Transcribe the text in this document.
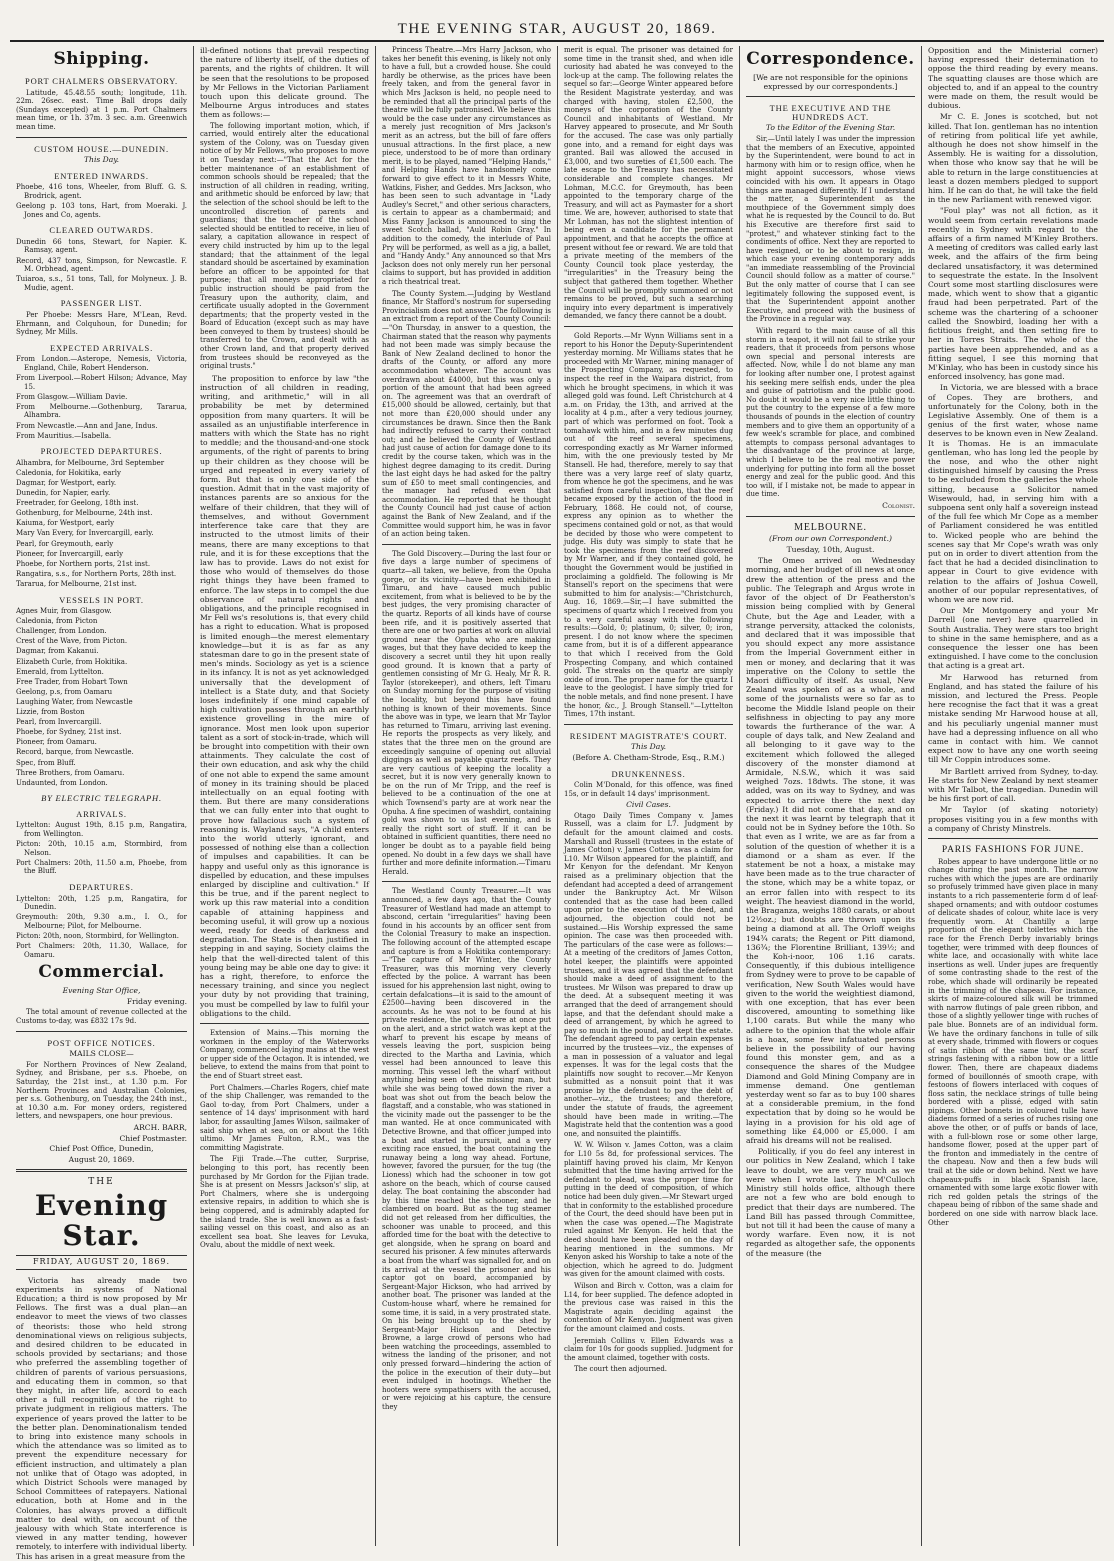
THE EVENING STAR, AUGUST 20, 1869.
Shipping.
PORT CHALMERS OBSERVATORY.

Latitude, 45.48.55 south; longitude, 11h. 22m. 26sec. east. Time Ball drops daily (Sundays excepted) at 1 p.m. Port Chalmers mean time, or 1h. 37m. 3 sec. a.m. Greenwich mean time.

CUSTOM HOUSE.—DUNEDIN.
This Day.
ENTERED INWARDS.

Phoebe, 416 tons, Wheeler, from Bluff. G. S. Brodrick, agent.

Geelong p. 103 tons, Hart, from Moeraki. J. Jones and Co, agents.

CLEARED OUTWARDS.

Dunedin 66 tons, Stewart, for Napier. K. Ramsay, agent.

Record, 437 tons, Simpson, for Newcastle. F. M. Orbhead, agent.

Tuiaroa, s.s., 51 tons, Tall, for Molyneux. J. B. Mudie, agent.

PASSENGER LIST.

Per Phoebe: Messrs Hare, M'Lean, Revd. Ehrmann, and Colquhoun, for Dunedin; for Sydney, Mr Mills.

EXPECTED ARRIVALS.

From London.—Asterope, Nemesis, Victoria, England, Chile, Robert Henderson.

From Liverpool.—Robert Hilson; Advance, May 15.

From Glasgow.—William Davie.

From Melbourne.—Gothenburg, Tararua, Alhambra.

From Newcastle.—Ann and Jane, Indus.

From Mauritius.—Isabella.

PROJECTED DEPARTURES.

Alhambra, for Melbourne, 3rd September

Caledonia, for Hokitika, early

Dagmar, for Westport, early.

Dunedin, for Napier, early.

Freetrader, for Geelong, 18th inst.

Gothenburg, for Melbourne, 24th inst.

Kaiuma, for Westport, early

Mary Van Every, for Invercargill, early.

Pearl, for Greymouth, early

Pioneer, for Invercargill, early

Phoebe, for Northern ports, 21st inst.

Rangatira, s.s., for Northern Ports, 28th inst.

Tararua, for Melbourne, 21st inst.

VESSELS IN PORT.

Agnes Muir, from Glasgow.

Caledonia, from Picton

Challenger, from London.

Crest of the Wave, from Picton.

Dagmar, from Kakanui.

Elizabeth Curle, from Hokitika.

Emerald, from Lyttelton.

Free Trader, from Hobart Town

Geelong, p.s, from Oamaru

Laughing Water, from Newcastle

Lizzie, from Boston

Pearl, from Invercargill.

Phoebe, for Sydney, 21st inst.

Pioneer, from Oamaru.

Record, barque, from Newcastle.

Spec, from Bluff.

Three Brothers, from Oamaru.

Undaunted, from London.

BY ELECTRIC TELEGRAPH.
ARRIVALS.

Lyttelton: August 19th, 8.15 p.m, Rangatira, from Wellington.

Picton: 20th, 10.15 a.m, Stormbird, from Nelson.

Port Chalmers: 20th, 11.50 a.m, Phoebe, from the Bluff.

DEPARTURES.

Lyttelton: 20th, 1.25 p.m, Rangatira, for Dunedin.

Greymouth: 20th, 9.30 a.m., I. O., for Melbourne; Pilot, for Melbourne.

Picton: 20th, noon, Stormbird, for Wellington.

Port Chalmers: 20th, 11.30, Wallace, for Oamaru.

Commercial.
Evening Star Office,
Friday evening.

The total amount of revenue collected at the Customs to-day, was £832 17s 9d.

POST OFFICE NOTICES.
MAILS CLOSE—

For Northern Provinces of New Zealand, Sydney, and Brisbane, per s.s. Phoebe, on Saturday, the 21st inst., at 1.30 p.m. For Northern Provinces and Australian Colonies, per s.s. Gothenburg, on Tuesday, the 24th inst., at 10.30 a.m. For money orders, registered letters, and newspapers, one hour previous.

ARCH. BARR,
Chief Postmaster.
Chief Post Office, Dunedin,
August 20, 1869.
THE
Evening Star.
FRIDAY, AUGUST 20, 1869.

Victoria has already made two experiments in systems of National Education; a third is now proposed by Mr Fellows. The first was a dual plan—an endeavor to meet the views of two classes of theorists: those who held strong denominational views on religious subjects, and desired children to be educated in schools provided by sectarians; and those who preferred the assembling together of children of parents of various persuasions, and educating them in common, so that they might, in after life, accord to each other a full recognition of the right to private judgment in religious matters. The experience of years proved the latter to be the better plan. Denominationalism tended to bring into existence many schools in which the attendance was so limited as to prevent the expenditure necessary for efficient instruction, and ultimately a plan not unlike that of Otago was adopted, in which District Schools were managed by School Committees of ratepayers. National education, both at Home and in the Colonies, has always proved a difficult matter to deal with, on account of the jealousy with which State interference is viewed in any matter tending, however remotely, to interfere with individual liberty. This has arisen in a great measure from the

ill-defined notions that prevail respecting the nature of liberty itself, of the duties of parents, and the rights of children. It will be seen that the resolutions to be proposed by Mr Fellows in the Victorian Parliament touch upon this delicate ground. The Melbourne Argus introduces and states them as follows:—

The following important motion, which, if carried, would entirely alter the educational system of the Colony, was on Tuesday given notice of by Mr Fellows, who proposes to move it on Tuesday next:—"That the Act for the better maintenance of an establishment of common schools should be repealed; that the instruction of all children in reading, writing, and arithmetic should be enforced by law; that the selection of the school should be left to the uncontrolled discretion of parents and guardians; that the teacher of the school selected should be entitled to receive, in lieu of salary, a capitation allowance in respect of every child instructed by him up to the legal standard; that the attainment of the legal standard should be ascertained by examination before an officer to be appointed for that purpose; that all moneys appropriated for public instruction should be paid from the Treasury upon the authority, claim, and certificate usually adopted in the Government departments; that the property vested in the Board of Education (except such as may have been conveyed to them by trustees) should be transferred to the Crown, and dealt with as other Crown land, and that property derived from trustees should be reconveyed as the original trusts."

The proposition to enforce by law "the instruction of all children in reading, writing, and arithmetic," will in all probability be met by determined opposition from many quarters. It will be assailed as an unjustifiable interference in matters with which the State has no right to meddle; and the thousand-and-one stock arguments, of the right of parents to bring up their children as they choose will be urged and repeated in every variety of form. But that is only one side of the question. Admit that in the vast majority of instances parents are so anxious for the welfare of their children, that they will of themselves, and without Government interference take care that they are instructed to the utmost limits of their means, there are many exceptions to that rule, and it is for these exceptions that the law has to provide. Laws do not exist for those who would of themselves do those right things they have been framed to enforce. The law steps in to compel the due observance of natural rights and obligations, and the principle recognised in Mr Fell ws's resolutions is, that every child has a right to education. What is proposed is limited enough—the merest elementary knowledge—but it is as far as any statesman dare to go in the present state of men's minds. Sociology as yet is a science in its infancy. It is not as yet acknowledged universally that the development of intellect is a State duty, and that Society loses indefinitely if one mind capable of high cultivation passes through an earthly existence grovelling in the mire of ignorance. Most men look upon superior talent as a sort of stock-in-trade, which will be brought into competition with their own attainments. They calculate the cost of their own education, and ask why the child of one not able to expend the same amount of money in its training should be placed intellectually on an equal footing with them. But there are many considerations that we can fully enter into that ought to prove how fallacious such a system of reasoning is. Wayland says, "A child enters into the world utterly ignorant, and possessed of nothing else than a collection of impulses and capabilities. It can be happy and useful only as this ignorance is dispelled by education, and these impulses enlarged by discipline and cultivation." If this be true, and if the parent neglect to work up this raw material into a condition capable of attaining happiness and becoming useful, it will grow up a noxious weed, ready for deeds of darkness and degradation. The State is then justified in stepping in and saying, Society claims the help that the well-directed talent of this young being may be able one day to give: it has a right, therefore, to enforce the necessary training, and since you neglect your duty by not providing that training, you must be compelled by law to fulfil your obligations to the child.

Extension of Mains.—This morning the workmen in the employ of the Waterworks Company, commenced laying mains at the west or upper side of the Octagon. It is intended, we believe, to extend the mains from that point to the end of Stuart street east.

Port Chalmers.—Charles Rogers, chief mate of the ship Challenger, was remanded to the Gaol to-day, from Port Chalmers, under a sentence of 14 days' imprisonment with hard labor, for assaulting James Wilson, sailmaker of said ship when at sea, on or about the 16th ultimo. Mr James Fulton, R.M., was the committing Magistrate.

The Fiji Trade.—The cutter, Surprise, belonging to this port, has recently been purchased by Mr Gordon for the Fijian trade. She is at present on Messrs Jackson's' slip, at Port Chalmers, where she is undergoing extensive repairs, in addition to which she is being coppered, and is admirably adapted for the island trade. She is well known as a fast-sailing vessel on this coast, and also as an excellent sea boat. She leaves for Levuka, Ovalu, about the middle of next week.

Princess Theatre.—Mrs Harry Jackson, who takes her benefit this evening, is likely not only to have a full, but a crowded house. She could hardly be otherwise, as the prices have been freely taken, and from the general favor in which Mrs Jackson is held, no people need to be reminded that all the principal parts of the theatre will be fully patronised. We believe this would be the case under any circumstances as a merely just recognition of Mrs Jackson's merit as an actress, but the bill of fare offers unusual attractions. In the first place, a new piece, understood to be of more than ordinary merit, is to be played, named "Helping Hands," and Helping Hands have handsomely come forward to give effect to it in Messrs White, Watkins, Fisher, and Geddes. Mrs Jackson, who has been seen to such advantage in "Lady Audley's Secret," and other serious characters, is certain to appear as a chambermaid; and Miss Fanny Jackson is announced to sing the sweet Scotch ballad, "Auld Robin Gray." In addition to the comedy, the interlude of Paul Pry will be performed, as well as a jig, a ballet, and "Handy Andy." Any announced so that Mrs Jackson does not only merely run her personal claims to support, but has provided in addition a rich theatrical treat.

The County System.—Judging by Westland finance, Mr Stafford's nostrum for superseding Provincialism does not answer. The following is an extract from a report of the County Council:—"On Thursday, in answer to a question, the Chairman stated that the reason why payments had not been made was simply because the Bank of New Zealand declined to honor the drafts of the County, or afford any more accommodation whatever. The account was overdrawn about £4000, but this was only a portion of the amount that had been agreed on. The agreement was that an overdraft of £15,000 should be allowed, certainly, but that not more than £20,000 should under any circumstances be drawn. Since then the Bank had indirectly refused to carry their contract out; and he believed the County of Westland had just cause of action for damage done to its credit by the course taken, which was in the highest degree damaging to its credit. During the last eight days he had asked for the paltry sum of £50 to meet small contingencies, and the manager had refused even that accommodation. He reported that he thought the County Council had just cause of action against the Bank of New Zealand, and if the Committee would support him, he was in favor of an action being taken.

The Gold Discovery.—During the last four or five days a large number of specimens of quartz—all taken, we believe, from the Opuha gorge, or its vicinity—have been exhibited in Timaru, and have caused much public excitement, from what is believed to be by the best judges, the very promising character of the quartz. Reports of all kinds have of course been rife, and it is positively asserted that there are one or two parties at work on alluvial ground near the Opuha who are making wages, but that they have decided to keep the discovery a secret until they hit upon really good ground. It is known that a party of gentlemen consisting of Mr G. Healy, Mr R. R. Taylor (storekeeper), and others, left Timaru on Sunday morning for the purpose of visiting the locality, but beyond this have found nothing is known of their movements. Since the above was in type, we learn that Mr Taylor has returned to Timaru, arriving last evening. He reports the prospects as very likely, and states that the three men on the ground are exceedingly sanguine of opening out alluvial diggings as well as payable quartz reefs. They are very cautious of keeping the locality a secret, but it is now very generally known to be on the run of Mr Tripp, and the reef is believed to be a continuation of the one at which Townsend's party are at work near the Opuha. A fine specimen of washdirt, containing gold was shown to us last evening, and is really the right sort of stuff. If it can be obtained in sufficient quantities, there need no longer be doubt as to a payable field being opened. No doubt in a few days we shall have further and more definite information.—Timaru Herald.

The Westland County Treasurer.—It was announced, a few days ago, that the County Treasurer of Westland had made an attempt to abscond, certain "irregularities" having been found in his accounts by an officer sent from the Colonial Treasury to make an inspection. The following account of the attempted escape and capture is from a Hokitika contemporary:—"The capture of Mr Winter, the County Treasurer, was this morning very cleverly effected by the police. A warrant has been issued for his apprehension last night, owing to certain defalcations—it is said to the amount of £2500—having been discovered in the accounts. As he was not to be found at his private residence, the police were at once put on the alert, and a strict watch was kept at the wharf to prevent his escape by means of vessels leaving the port, suspicion being directed to the Martha and Lavinia, which vessel had been announced to leave this morning. This vessel left the wharf without anything being seen of the missing man, but while she was being towed down the river a boat was shot out from the beach below the flagstaff, and a constable, who was stationed in the vicinity made out the passenger to be the man wanted. He at once communicated with Detective Browne, and that officer jumped into a boat and started in pursuit, and a very exciting race ensued, the boat containing the runaway being a long way ahead. Fortune, however, favored the pursuer, for the tug (the Lioness) which had the schooner in tow got ashore on the beach, which of course caused delay. The boat containing the absconder had by this time reached the schooner, and he clambered on board. But as the tug steamer did not get released from her difficulties, the schooner was unable to proceed, and this afforded time for the boat with the detective to get alongside, when he sprang on board and secured his prisoner. A few minutes afterwards a boat from the wharf was signalled for, and on its arrival at the vessel the prisoner and his captor got on board, accompanied by Sergeant-Major Hickson, who had arrived by another boat. The prisoner was landed at the Custom-house wharf, where he remained for some time, it is said, in a very prostrated state. On his being brought up to the shed by Sergeant-Major Hickson and Detective Browne, a large crowd of persons who had been watching the proceedings, assembled to witness the landing of the prisoner, and not only pressed forward—hindering the action of the police in the execution of their duty—but even indulged in hootings. Whether the hooters were sympathisers with the accused, or were rejoicing at his capture, the censure they

merit is equal. The prisoner was detained for some time in the transit shed, and when idle curiosity had abated he was conveyed to the lock-up at the camp. The following relates the sequel so far:—George Winter appeared before the Resident Magistrate yesterday, and was charged with having, stolen £2,500, the moneys of the corporation of the County Council and inhabitants of Westland. Mr Harvey appeared to prosecute, and Mr South for the accused. The case was only partially gone into, and a remand for eight days was granted. Bail was allowed the accused in £3,000, and two sureties of £1,500 each. The late escape to the Treasury has necessitated considerable and complete changes. Mr Lohman, M.C.C. for Greymouth, has been appointed to the temporary charge of the Treasury, and will act as Paymaster for a short time. We are, however, authorised to state that Mr Lohman, has not the slightest intention of being even a candidate for the permanent appointment, and that he accepts the office at present without fee or reward. We are told that a private meeting of the members of the County Council took place yesterday, the "irregularities" in the Treasury being the subject that gathered them together. Whether the Council will be promptly summoned or not remains to be proved, but such a searching inquiry into every department is imperatively demanded, we fancy there cannot be a doubt.

Gold Reports.—Mr Wynn Williams sent in a report to his Honor the Deputy-Superintendent yesterday morning. Mr Williams states that he proceeded with Mr Warner, mining manager of the Prospecting Company, as requested, to inspect the reef in the Waipara district, from which he brought specimens, in which it was alleged gold was found. Left Christchurch at 4 a.m. on Friday, the 13th, and arrived at the locality at 4 p.m., after a very tedious journey, part of which was performed on foot. Took a tomahawk with him, and in a few minutes dug out of the reef several specimens, corresponding exactly as Mr Warner informed him, with the one previously tested by Mr Stansell. He had, therefore, merely to say that there was a very large reef of slaty quartz, from whence he got the specimens, and he was satisfied from careful inspection, that the reef became exposed by the action of the flood in February, 1868. He could not, of course, express any opinion as to whether the specimens contained gold or not, as that would be decided by those who were competent to judge. His duty was simply to state that he took the specimens from the reef discovered by Mr Warner, and if they contained gold, he thought the Government would be justified in proclaiming a goldfield. The following is Mr Stansell's report on the specimens that were submitted to him for analysis:—"Christchurch, Aug. 16, 1869.—Sir,—I have submitted the specimens of quartz which I received from you to a very careful assay with the following results:—Gold, 0; platinum, 0; silver, 0; iron, present. I do not know where the specimen came from, but it is of a different appearance to that which I received from the Gold Prospecting Company, and which contained gold. The streaks on the quartz are simply oxide of iron. The proper name for the quartz I leave to the geologist. I have simply tried for the noble metals, and find none present. I have the honor, &c., J. Brough Stansell."—Lyttelton Times, 17th instant.

RESIDENT MAGISTRATE'S COURT.
This Day.
(Before A. Chetham-Strode, Esq., R.M.)
DRUNKENNESS.

Colin M'Donald, for this offence, was fined 15s, or in default 14 days' imprisonment.

Civil Cases.

Otago Daily Times Company v. James Russell, was a claim for L7. Judgment by default for the amount claimed and costs. Marshall and Russell (trustees in the estate of James Cotton) v. James Cotton, was a claim for L10. Mr Wilson appeared for the plaintiff, and Mr Kenyon for the defendant. Mr Kenyon raised as a preliminary objection that the defendant had accepted a deed of arrangement under the Bankruptcy Act. Mr Wilson contended that as the case had been called upon prior to the execution of the deed, and adjourned, the objection could not be sustained.—His Worship expressed the same opinion. The case was then proceeded with. The particulars of the case were as follows:—At a meeting of the creditors of James Cotton, hotel keeper, the plaintiffs were appointed trustees, and it was agreed that the defendant should make a deed of assignment to the trustees. Mr Wilson was prepared to draw up the deed. At a subsequent meeting it was arranged that the deed of arrangement should lapse, and that the defendant should make a deed of arrangement, by which he agreed to pay so much in the pound, and kept the estate. The defendant agreed to pay certain expenses incurred by the trustees—viz., the expenses of a man in possession of a valuator and legal expenses. It was for the legal costs that the plaintiffs now sought to recover.—Mr Kenyon submitted as a nonsuit point that it was promise by the defendant to pay the debt of another—viz., the trustees; and therefore, under the statute of frauds, the agreement should have been made in writing.—The Magistrate held that the contention was a good one, and nonsuited the plaintiffs.

W. W. Wilson v. James Cotton, was a claim for L10 5s 8d, for professional services. The plaintiff having proved his claim, Mr Kenyon submitted that the time having arrived for the defendant to plead, was the proper time for putting in the deed of composition, of which notice had been duly given.—Mr Stewart urged that in conformity to the established procedure of the Court, the deed should have been put in when the case was opened.—The Magistrate ruled against Mr Kenyon. He held that the deed should have been pleaded on the day of hearing mentioned in the summons. Mr Kenyon asked his Worship to take a note of the objection, which he agreed to do. Judgment was given for the amount claimed with costs.

Wilson and Birch v. Cotton, was a claim for L14, for beer supplied. The defence adopted in the previous case was raised in this the Magistrate again deciding against the contention of Mr Kenyon. Judgment was given for the amount claimed and costs.

Jeremiah Collins v. Ellen Edwards was a claim for 10s for goods supplied. Judgment for the amount claimed, together with costs.

The court then adjourned.

Correspondence.
[We are not responsible for the opinions expressed by our correspondents.]
THE EXECUTIVE AND THE HUNDREDS ACT.
To the Editor of the Evening Star.

Sir,—Until lately I was under the impression that the members of an Executive, appointed by the Superintendent, were bound to act in harmony with him or to resign office, when he might appoint successors, whose views coincided with his own. It appears in Otago things are managed differently. If I understand the matter, a Superintendent as the mouthpiece of the Government simply does what he is requested by the Council to do. But his Executive are therefore first said to "protest," and whatever stinking fact to the condiments of office. Next they are reported to have resigned, or to be about to resign, in which case your evening contemporary adds "an immediate reassembling of the Provincial Council should follow as a matter of course." But the only matter of course that I can see legitimately following the supposed event, is that the Superintendent appoint another Executive, and proceed with the business of the Province in a regular way.

With regard to the main cause of all this storm in a teapot, it will not fail to strike your readers, that it proceeds from persons whose own special and personal interests are affected. Now, while I do not blame any man for looking after number one, I protest against his seeking mere selfish ends, under the plea and guise of patriotism and the public good. No doubt it would be a very nice little thing to put the country to the expense of a few more thousands of pounds in the election of country members and to give them an opportunity of a few week's scramble for place, and combined attempts to compass personal advantages to the disadvantage of the province at large, which I believe to be the real motive power underlying for putting into form all the bosset energy and zeal for the public good. And this too will, if I mistake not, be made to appear in due time.

Colonist.
MELBOURNE.
(From our own Correspondent.)
Tuesday, 10th, August.

The Omeo arrived on Wednesday morning, and her budget of ill news at once drew the attention of the press and the public. The Telegraph and Argus wrote in favor of the object of Dr Featherston's mission being complied with by General Chute, but the Age and Leader, with a strange perversity, attacked the colonists, and declared that it was impossible that you should expect any more assistance from the Imperial Government either in men or money, and declaring that it was imperative on the Colony to settle the Maori difficulty of itself. As usual, New Zealand was spoken of as a whole, and some of the journalists were so far as to become the Middle Island people on their selfishness in objecting to pay any more towards the furtherance of the war. A couple of days talk, and New Zealand and all belonging to it gave way to the excitement which followed the alleged discovery of the monster diamond at Armidale, N.S.W., which it was said weighed 7ozs. 18dwts. The stone, it was added, was on its way to Sydney, and was expected to arrive there the next day (Friday.) It did not come that day, and on the next it was learnt by telegraph that it could not be in Sydney before the 10th. So that even as I write, we are as far from a solution of the question of whether it is a diamond or a sham as ever. If the statement be not a hoax, a mistake may have been made as to the true character of the stone, which may be a white topaz, or an error fallen into with respect to its weight. The heaviest diamond in the world, the Braganza, weighs 1880 carats, or about 12½oz.; but doubts are thrown upon its being a diamond at all. The Orloff weighs 194¾ carats; the Regent or Pitt diamond, 136¾; the Florentine Brilliant, 139½; and the Koh-i-noor, 106 1.16 carats. Consequently, if this dubious intelligence from Sydney were to prove to be capable of verification, New South Wales would have given to the world the weightiest diamond, with one exception, that has ever been discovered, amounting to something like 1,100 carats. But while the many who adhere to the opinion that the whole affair is a hoax, some few infatuated persons believe in the possibility of our having found this monster gem, and as a consequence the shares of the Mudgee Diamond and Gold Mining Company are in immense demand. One gentleman yesterday went so far as to buy 100 shares at a considerable premium, in the fond expectation that by doing so he would be laying in a provision for his old age of something like £4,000 or £5,000. I am afraid his dreams will not be realised.

Politically, if you do feel any interest in our politics in New Zealand, which I take leave to doubt, we are very much as we were when I wrote last. The M'Culloch Ministry still holds office, although there are not a few who are bold enough to predict that their days are numbered. The Land Bill has passed through Committee, but not till it had been the cause of many a wordy warfare. Even now, it is not regarded as altogether safe, the opponents of the measure (the

Opposition and the Ministerial corner) having expressed their determination to oppose the third reading by every means. The squatting clauses are those which are objected to, and if an appeal to the country were made on them, the result would be dubious.

Mr C. E. Jones is scotched, but not killed. That Ion. gentleman has no intention of retiring from political life yet awhile, although he does not show himself in the Assembly. He is waiting for a dissolution, when those who know say that he will be able to return in the large constituencies at least a dozen members pledged to support him. If he can do that, he will take the field in the new Parliament with renewed vigor.

"Foul play" was not all fiction, as it would seem from certain revelations made recently in Sydney with regard to the affairs of a firm named M'Kinley Brothers. A meeting of creditors was called early last week, and the affairs of the firm being declared unsatisfactory, it was determined to sequestrate the estate. In the Insolvent Court some most startling disclosures were made, which went to show that a gigantic fraud had been perpetrated. Part of the scheme was the chartering of a schooner called the Snowbird, loading her with a fictitious freight, and then setting fire to her in Torres Straits. The whole of the parties have been apprehended, and as a fitting sequel, I see this morning that M'Kinlay, who has been in custody since his enforced insolvency, has gone mad.

In Victoria, we are blessed with a brace of Copes. They are brothers, and unfortunately for the Colony, both in the Legislative Assembly. One of them is a genius of the first water, whose name deserves to be known even in New Zealand. It is Thomas. He is an immaculate gentleman, who has long led the people by the nose, and who the other night distinguished himself by causing the Press to be excluded from the galleries the whole sitting, because a Solicitor named Wisewould, had, in serving him with a subpoena sent only half a sovereign instead of the full fee which Mr Cope as a member of Parliament considered he was entitled to. Wicked people who are behind the scenes say that Mr Cope's wrath was only put on in order to divert attention from the fact that he had a decided disinclination to appear in Court to give evidence with relation to the affairs of Joshua Cowell, another of our popular representatives, of whom we are now rid.

Our Mr Montgomery and your Mr Darrell (one never) have quarrelled in South Australia. They were stars too bright to shine in the same hemisphere, and as a consequence the lesser one has been extinguished. I have come to the conclusion that acting is a great art.

Mr Harwood has returned from England, and has stated the failure of his mission, and lectured the Press. People here recognise the fact that it was a great mistake sending Mr Harwood house at all, and his peculiarly ungenial manner must have had a depressing influence on all who came in contact with him. We cannot expect now to have any one worth seeing till Mr Coppin introduces some.

Mr Bartlett arrived from Sydney, to-day. He starts for New Zealand by next steamer with Mr Talbot, the tragedian. Dunedin will be his first port of call.

Mr Taylor (of skating notoriety) proposes visiting you in a few months with a company of Christy Minstrels.

PARIS FASHIONS FOR JUNE.

Robes appear to have undergone little or no change during the past month. The narrow ruches with which the jupes are are ordinarily so profusely trimmed have given place in many instants to a rich passementerie form d of leaf-shaped ornaments; and with outdoor costumes of delicate shades of colour, white lace is very frequently worn. At Chantilly a large proportion of the elegant toilettes which the race for the French Derby invariably brings together, were trimmed with deep flounces of white lace, and occasionally with white lace insertions as well. Under jupes are frequently of some contrasting shade to the rest of the robe, which shade will ordinarily be repeated in the trimming of the chapeau. For instance, skirts of maize-coloured silk will be trimmed with narrow flutings of pale green ribbon, and those of a slightly yellower tinge with ruches of pale blue. Bonnets are of an individual form. We have the ordinary fanchons in tulle of silk at every shade, trimmed with flowers or coques of satin ribbon of the same tint, the scarf strings fastening with a ribbon bow or a little flower. Then, there are chapeaux diadems formed of bouillonnés of smooth crape, with festoons of flowers interlaced with coques of floss satin, the necklace strings of tulle being bordered with a plissé, edged with satin pipings. Other bonnets in coloured tulle have diadems formed of a series of ruches rising one above the other, or of puffs or bands of lace, with a full-blown rose or some other large, handsome flower, posed at the upper part of the fronton and immediately in the centre of the chapeau. Now and then a few buds will trail at the side or down behind. Next we have chapeaux-puffs in black Spanish lace, ornamented with some large exotic flower with rich red golden petals the strings of the chapeau being of ribbon of the same shade and bordered on one side with narrow black lace. Other
